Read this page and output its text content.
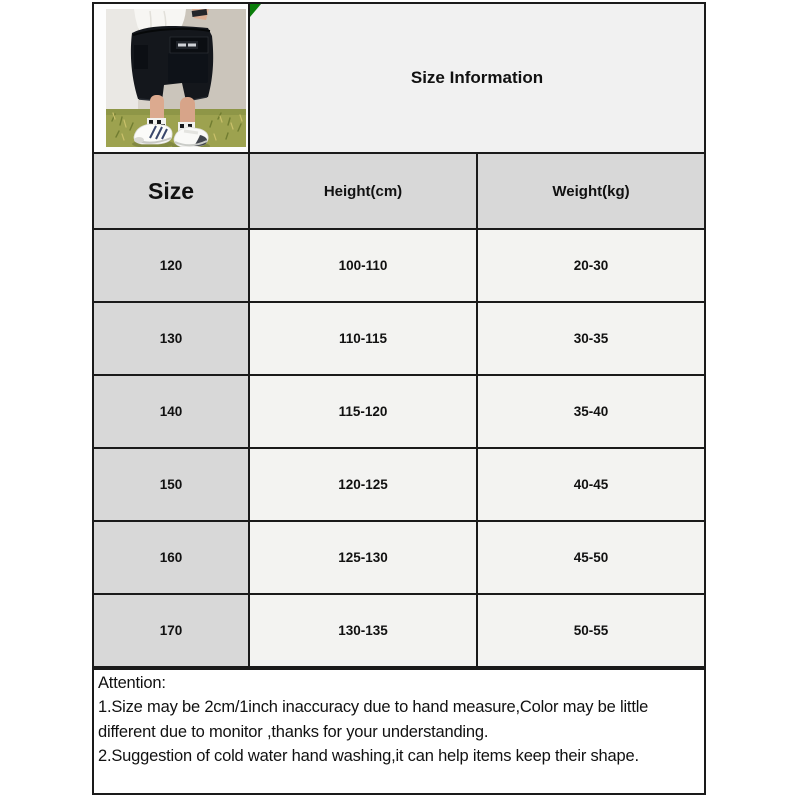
Size Information
Size	Height(cm)	Weight(kg)
120	100-110	20-30
130	110-115	30-35
140	115-120	35-40
150	120-125	40-45
160	125-130	45-50
170	130-135	50-55

Attention:

1.Size may be 2cm/1inch inaccuracy due to hand measure,Color may be little different due to monitor ,thanks for your understanding.

2.Suggestion of cold water hand washing,it can help items keep their shape.
